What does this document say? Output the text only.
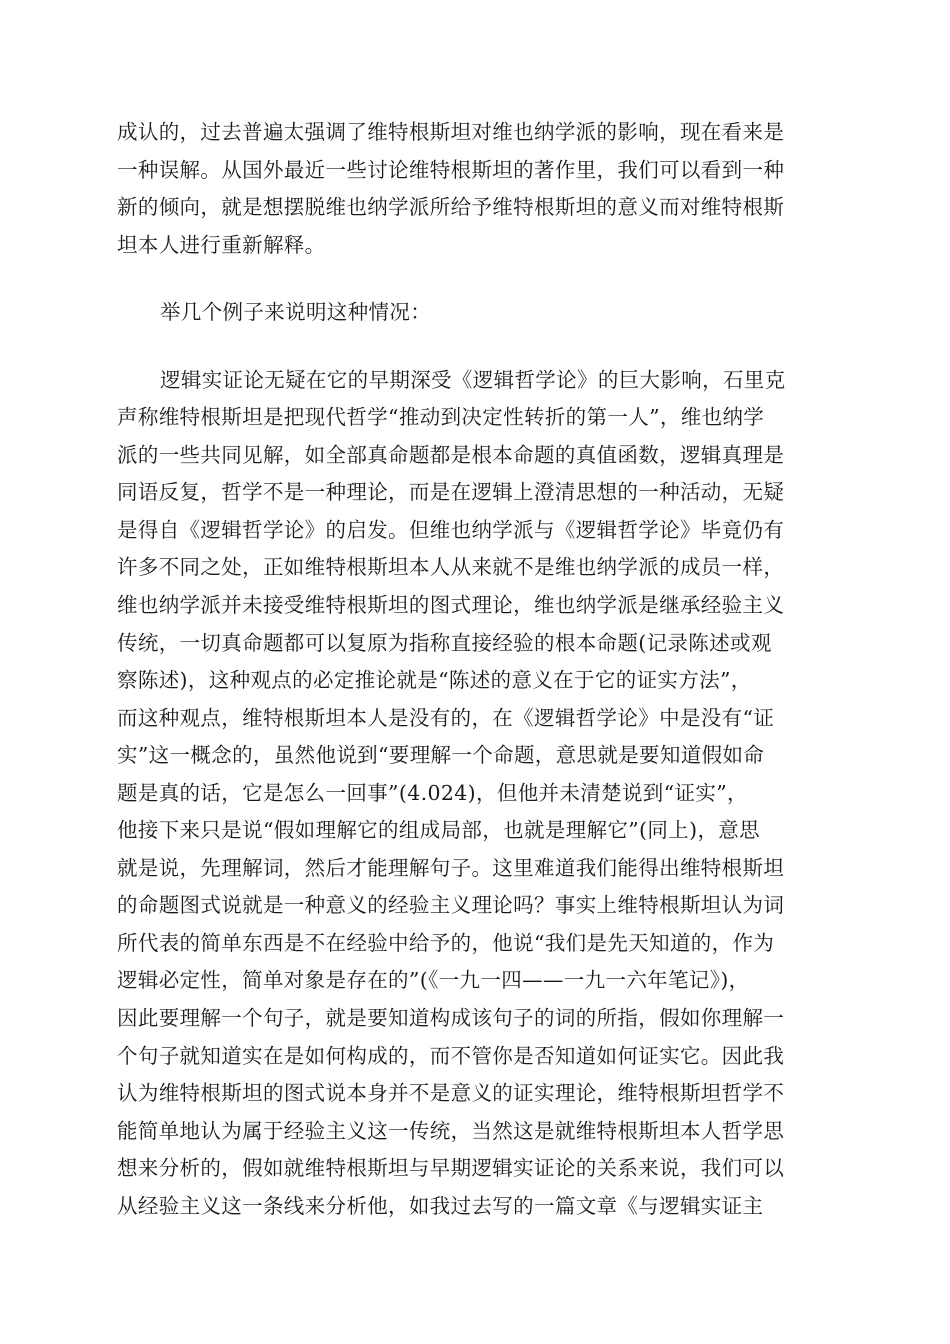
成认的，过去普遍太强调了维特根斯坦对维也纳学派的影响，现在看来是
一种误解。从国外最近一些讨论维特根斯坦的著作里，我们可以看到一种
新的倾向，就是想摆脱维也纳学派所给予维特根斯坦的意义而对维特根斯
坦本人进行重新解释。
举几个例子来说明这种情况：
逻辑实证论无疑在它的早期深受《逻辑哲学论》的巨大影响，石里克
声称维特根斯坦是把现代哲学“推动到决定性转折的第一人”，维也纳学
派的一些共同见解，如全部真命题都是根本命题的真值函数，逻辑真理是
同语反复，哲学不是一种理论，而是在逻辑上澄清思想的一种活动，无疑
是得自《逻辑哲学论》的启发。但维也纳学派与《逻辑哲学论》毕竟仍有
许多不同之处，正如维特根斯坦本人从来就不是维也纳学派的成员一样，
维也纳学派并未接受维特根斯坦的图式理论，维也纳学派是继承经验主义
传统，一切真命题都可以复原为指称直接经验的根本命题(记录陈述或观
察陈述)，这种观点的必定推论就是“陈述的意义在于它的证实方法”，
而这种观点，维特根斯坦本人是没有的，在《逻辑哲学论》中是没有“证
实”这一概念的，虽然他说到“要理解一个命题，意思就是要知道假如命
题是真的话，它是怎么一回事”(4.024)，但他并未清楚说到“证实”，
他接下来只是说“假如理解它的组成局部，也就是理解它”(同上)，意思
就是说，先理解词，然后才能理解句子。这里难道我们能得出维特根斯坦
的命题图式说就是一种意义的经验主义理论吗？事实上维特根斯坦认为词
所代表的简单东西是不在经验中给予的，他说“我们是先天知道的，作为
逻辑必定性，简单对象是存在的”(《一九一四——一九一六年笔记》)，
因此要理解一个句子，就是要知道构成该句子的词的所指，假如你理解一
个句子就知道实在是如何构成的，而不管你是否知道如何证实它。因此我
认为维特根斯坦的图式说本身并不是意义的证实理论，维特根斯坦哲学不
能简单地认为属于经验主义这一传统，当然这是就维特根斯坦本人哲学思
想来分析的，假如就维特根斯坦与早期逻辑实证论的关系来说，我们可以
从经验主义这一条线来分析他，如我过去写的一篇文章《与逻辑实证主
